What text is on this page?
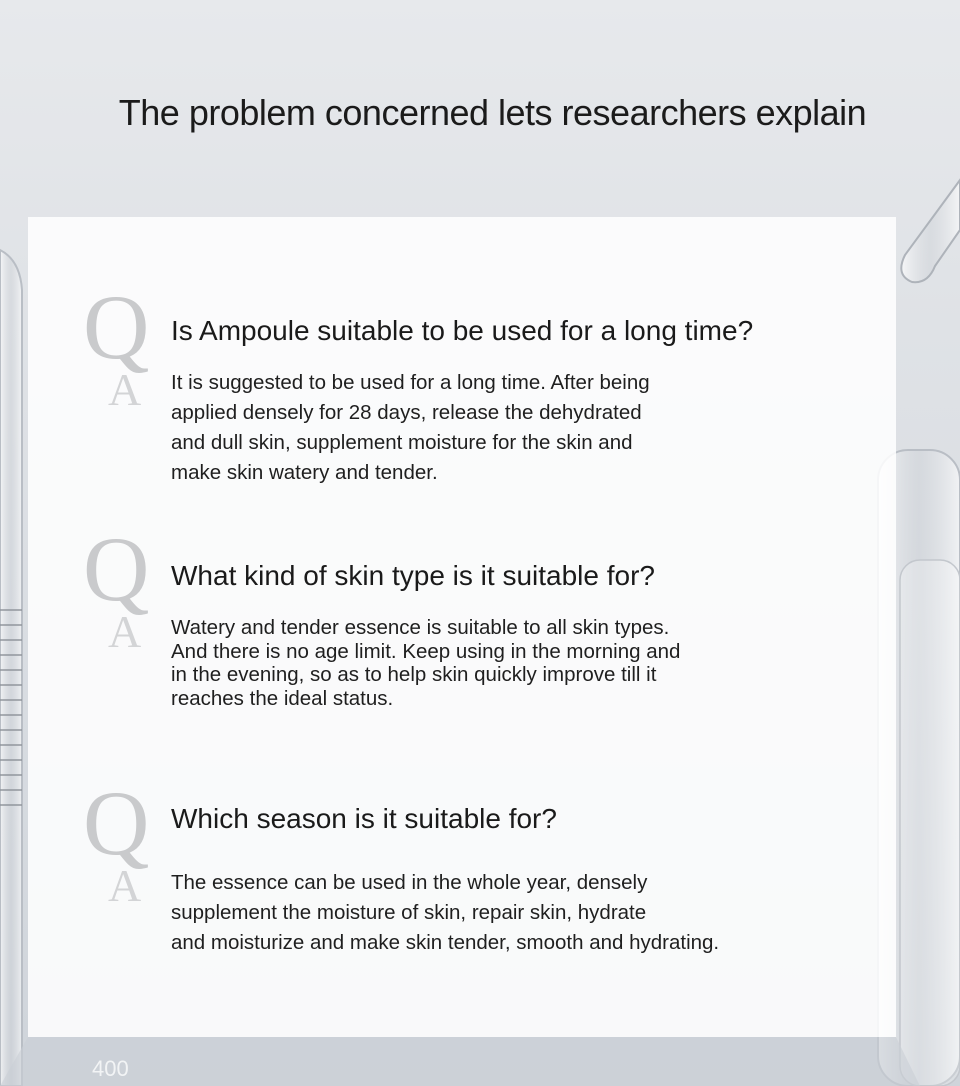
400
The problem concerned lets researchers explain
Q
A
Is Ampoule suitable to be used for a long time?
It is suggested to be used for a long time. After being
applied densely for 28 days, release the dehydrated
and dull skin, supplement moisture for the skin and
make skin watery and tender.
Q
A
What kind of skin type is it suitable for?
Watery and tender essence is suitable to all skin types.
And there is no age limit. Keep using in the morning and
in the evening, so as to help skin quickly improve till it
reaches the ideal status.
Q
A
Which season is it suitable for?
The essence can be used in the whole year, densely
supplement the moisture of skin, repair skin, hydrate
and moisturize and make skin tender, smooth and hydrating.
